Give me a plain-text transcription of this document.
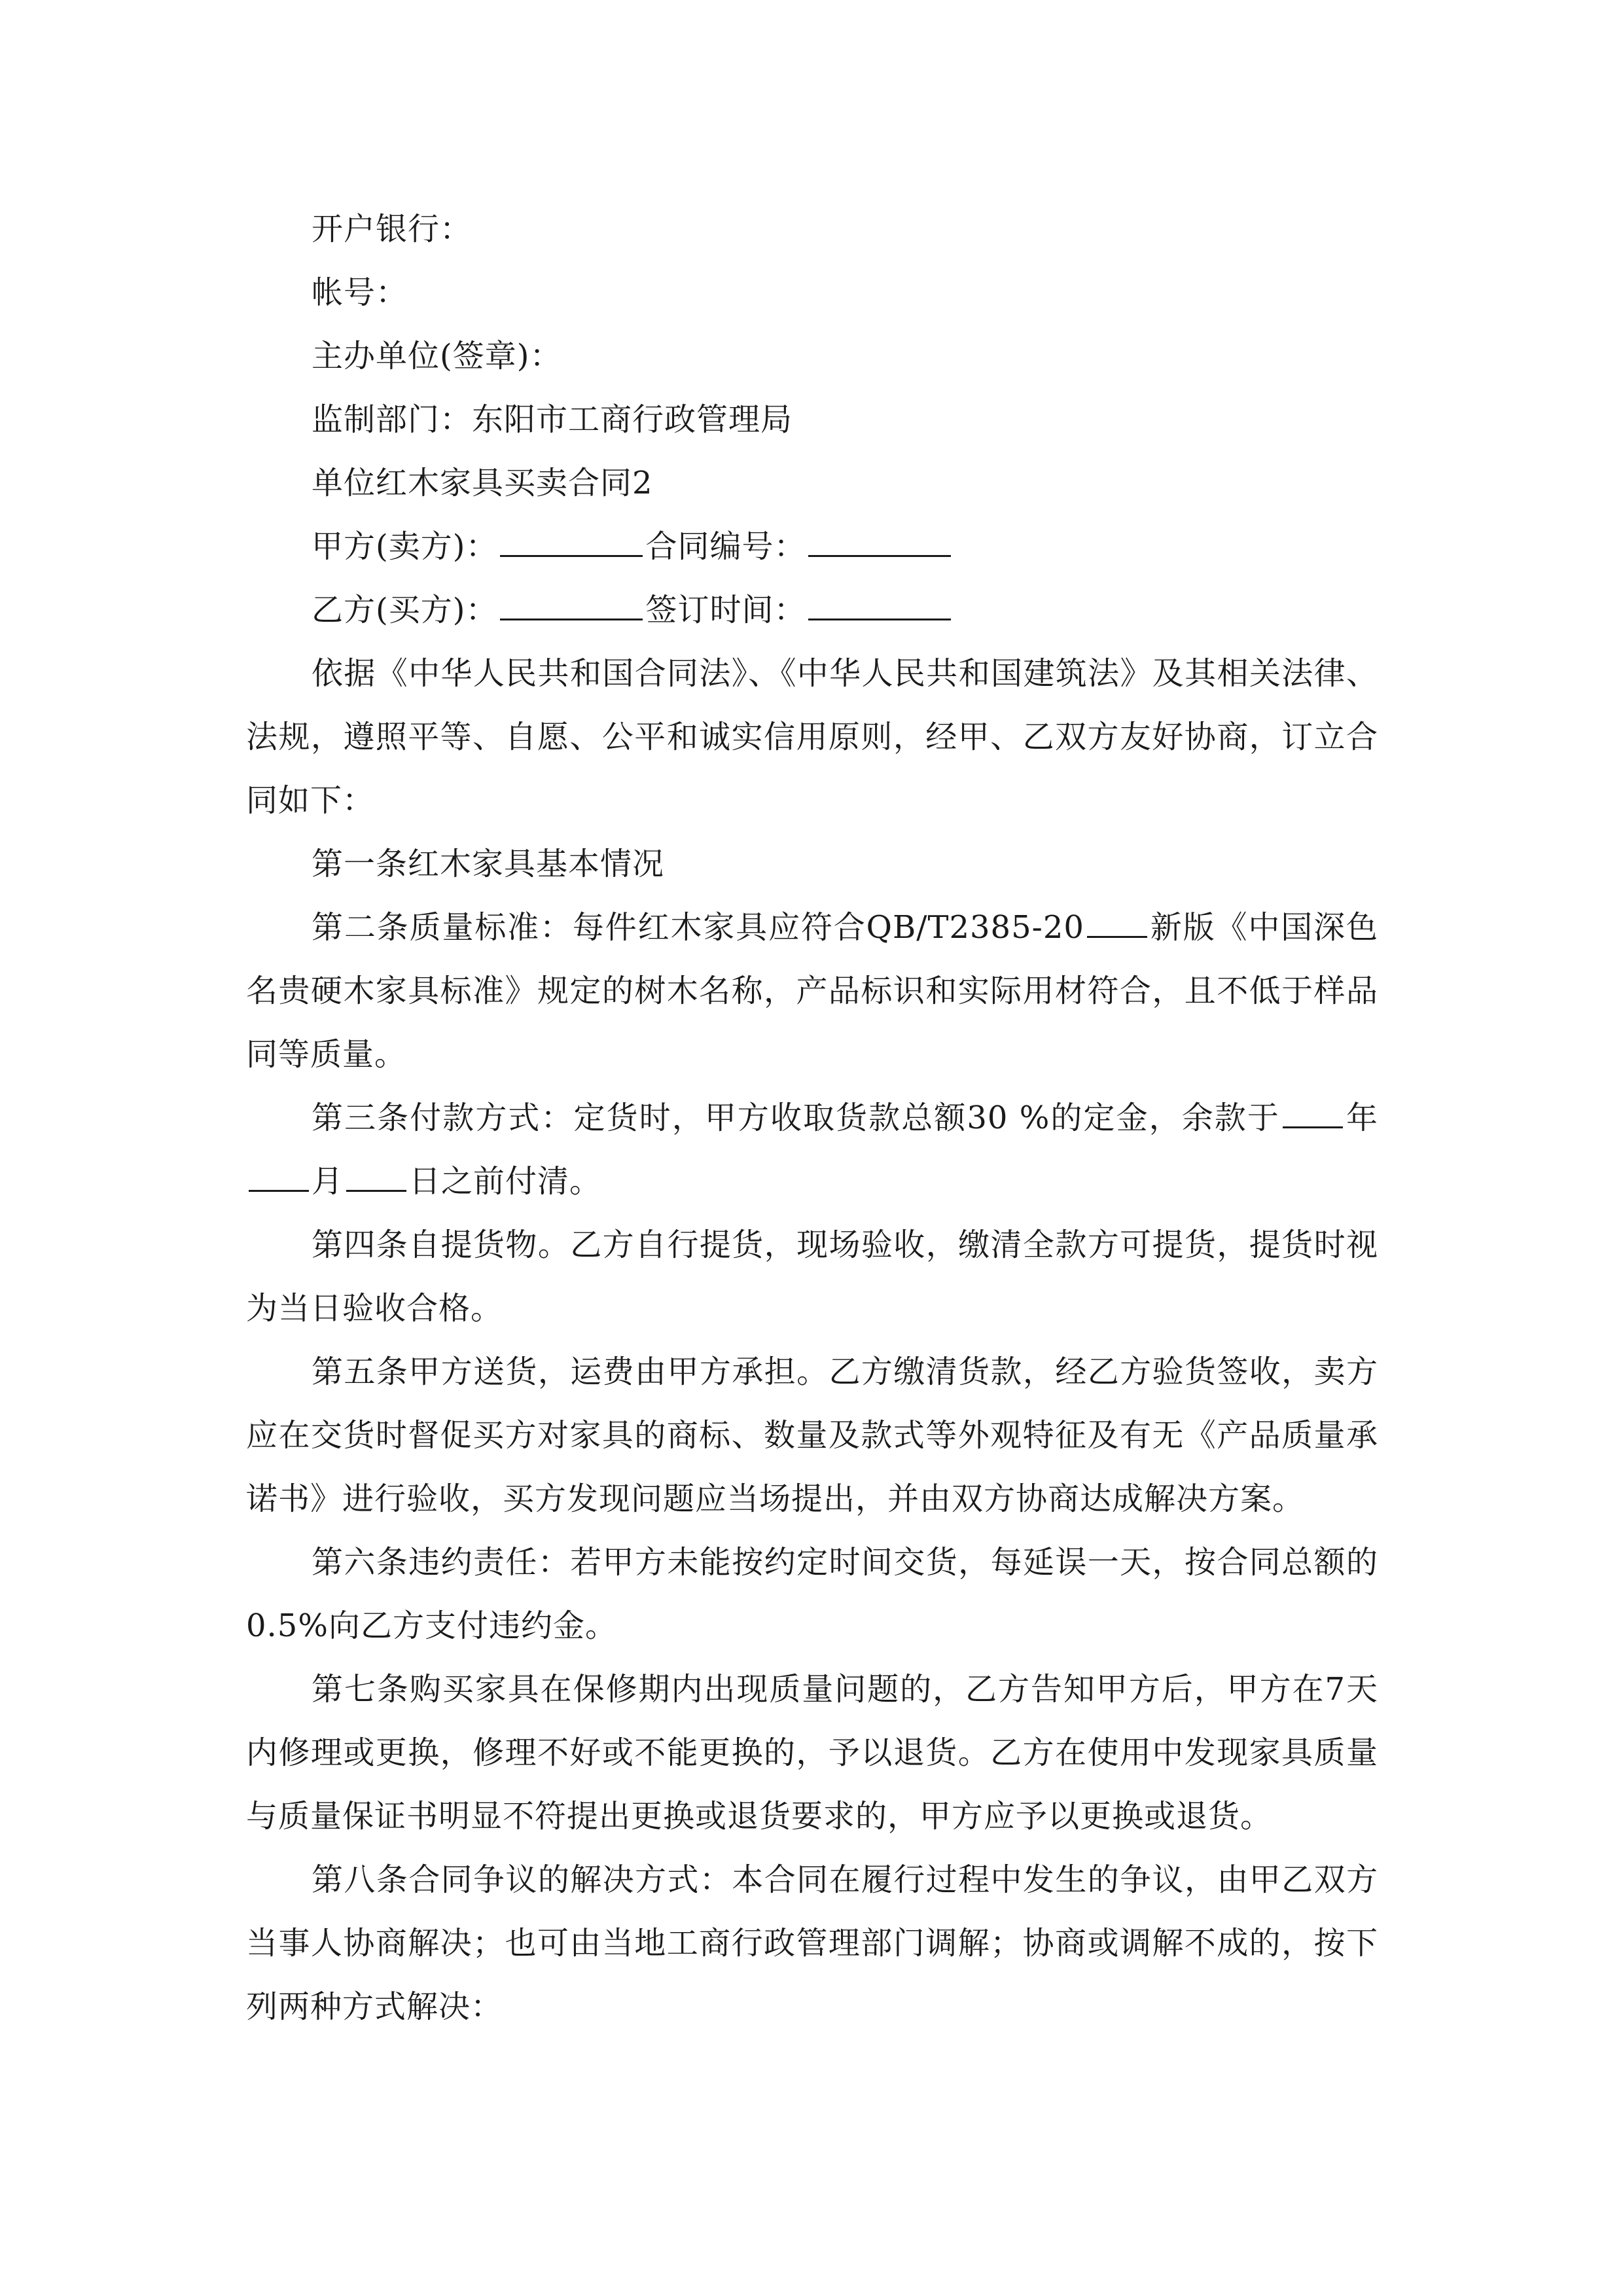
开户银行：
帐号：
主办单位(签章)：
监制部门：东阳市工商行政管理局
单位红木家具买卖合同2
甲方(卖方)：	合同编号：
乙方(买方)：	签订时间：
依据《中华人民共和国合同法》、《中华人民共和国建筑法》及其相关法律、法规，遵照平等、自愿、公平和诚实信用原则，经甲、乙双方友好协商，订立合同如下：
第一条红木家具基本情况
第二条质量标准：每件红木家具应符合QB/T2385-20 新版《中国深色名贵硬木家具标准》规定的树木名称，产品标识和实际用材符合，且不低于样品同等质量。
第三条付款方式：定货时，甲方收取货款总额30 %的定金，余款于 年月 日之前付清。
第四条自提货物。乙方自行提货，现场验收，缴清全款方可提货，提货时视为当日验收合格。
第五条甲方送货，运费由甲方承担。乙方缴清货款，经乙方验货签收，卖方应在交货时督促买方对家具的商标、数量及款式等外观特征及有无《产品质量承诺书》进行验收，买方发现问题应当场提出，并由双方协商达成解决方案。
第六条违约责任：若甲方未能按约定时间交货，每延误一天，按合同总额的0.5%向乙方支付违约金。
第七条购买家具在保修期内出现质量问题的，乙方告知甲方后，甲方在7天内修理或更换，修理不好或不能更换的，予以退货。乙方在使用中发现家具质量与质量保证书明显不符提出更换或退货要求的，甲方应予以更换或退货。
第八条合同争议的解决方式：本合同在履行过程中发生的争议，由甲乙双方当事人协商解决；也可由当地工商行政管理部门调解；协商或调解不成的，按下列两种方式解决：
